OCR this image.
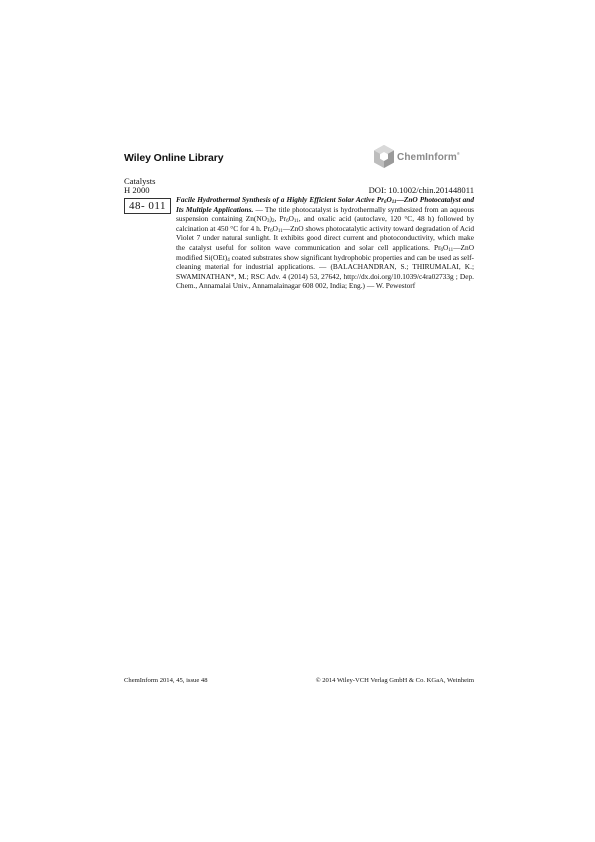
Wiley Online Library	ChemInform®
Catalysts
H 2000	DOI: 10.1002/chin.201448011
48- 011
Facile Hydrothermal Synthesis of a Highly Efficient Solar Active $Pr_6O_{11}—ZnO$ Photocatalyst and Its Multiple Applications. — The title photocatalyst is hydrothermally synthesized from an aqueous suspension containing $Zn(NO_3)_2$, $Pr_6O_{11}$, and oxalic acid (autoclave, 120 °C, 48 h) followed by calcination at 450 °C for 4 h. $Pr_6O_{11}—ZnO$ shows photocatalytic activity toward degradation of Acid Violet 7 under natural sunlight. It exhibits good direct current and photoconductivity, which make the catalyst useful for soliton wave communication and solar cell applications. $Pr_6O_{11}—ZnO$ modified $Si(OEt)_4$ coated substrates show significant hydrophobic properties and can be used as self-cleaning material for industrial applications. — (BALACHANDRAN, S.; THIRUMALAI, K.; SWAMINATHAN*, M.; RSC Adv. 4 (2014) 53, 27642, http://dx.doi.org/10.1039/c4ra02733g ; Dep. Chem., Annamalai Univ., Annamalainagar 608 002, India; Eng.) — W. Pewestorf
ChemInform 2014, 45, issue 48	© 2014 Wiley-VCH Verlag GmbH & Co. KGaA, Weinheim
